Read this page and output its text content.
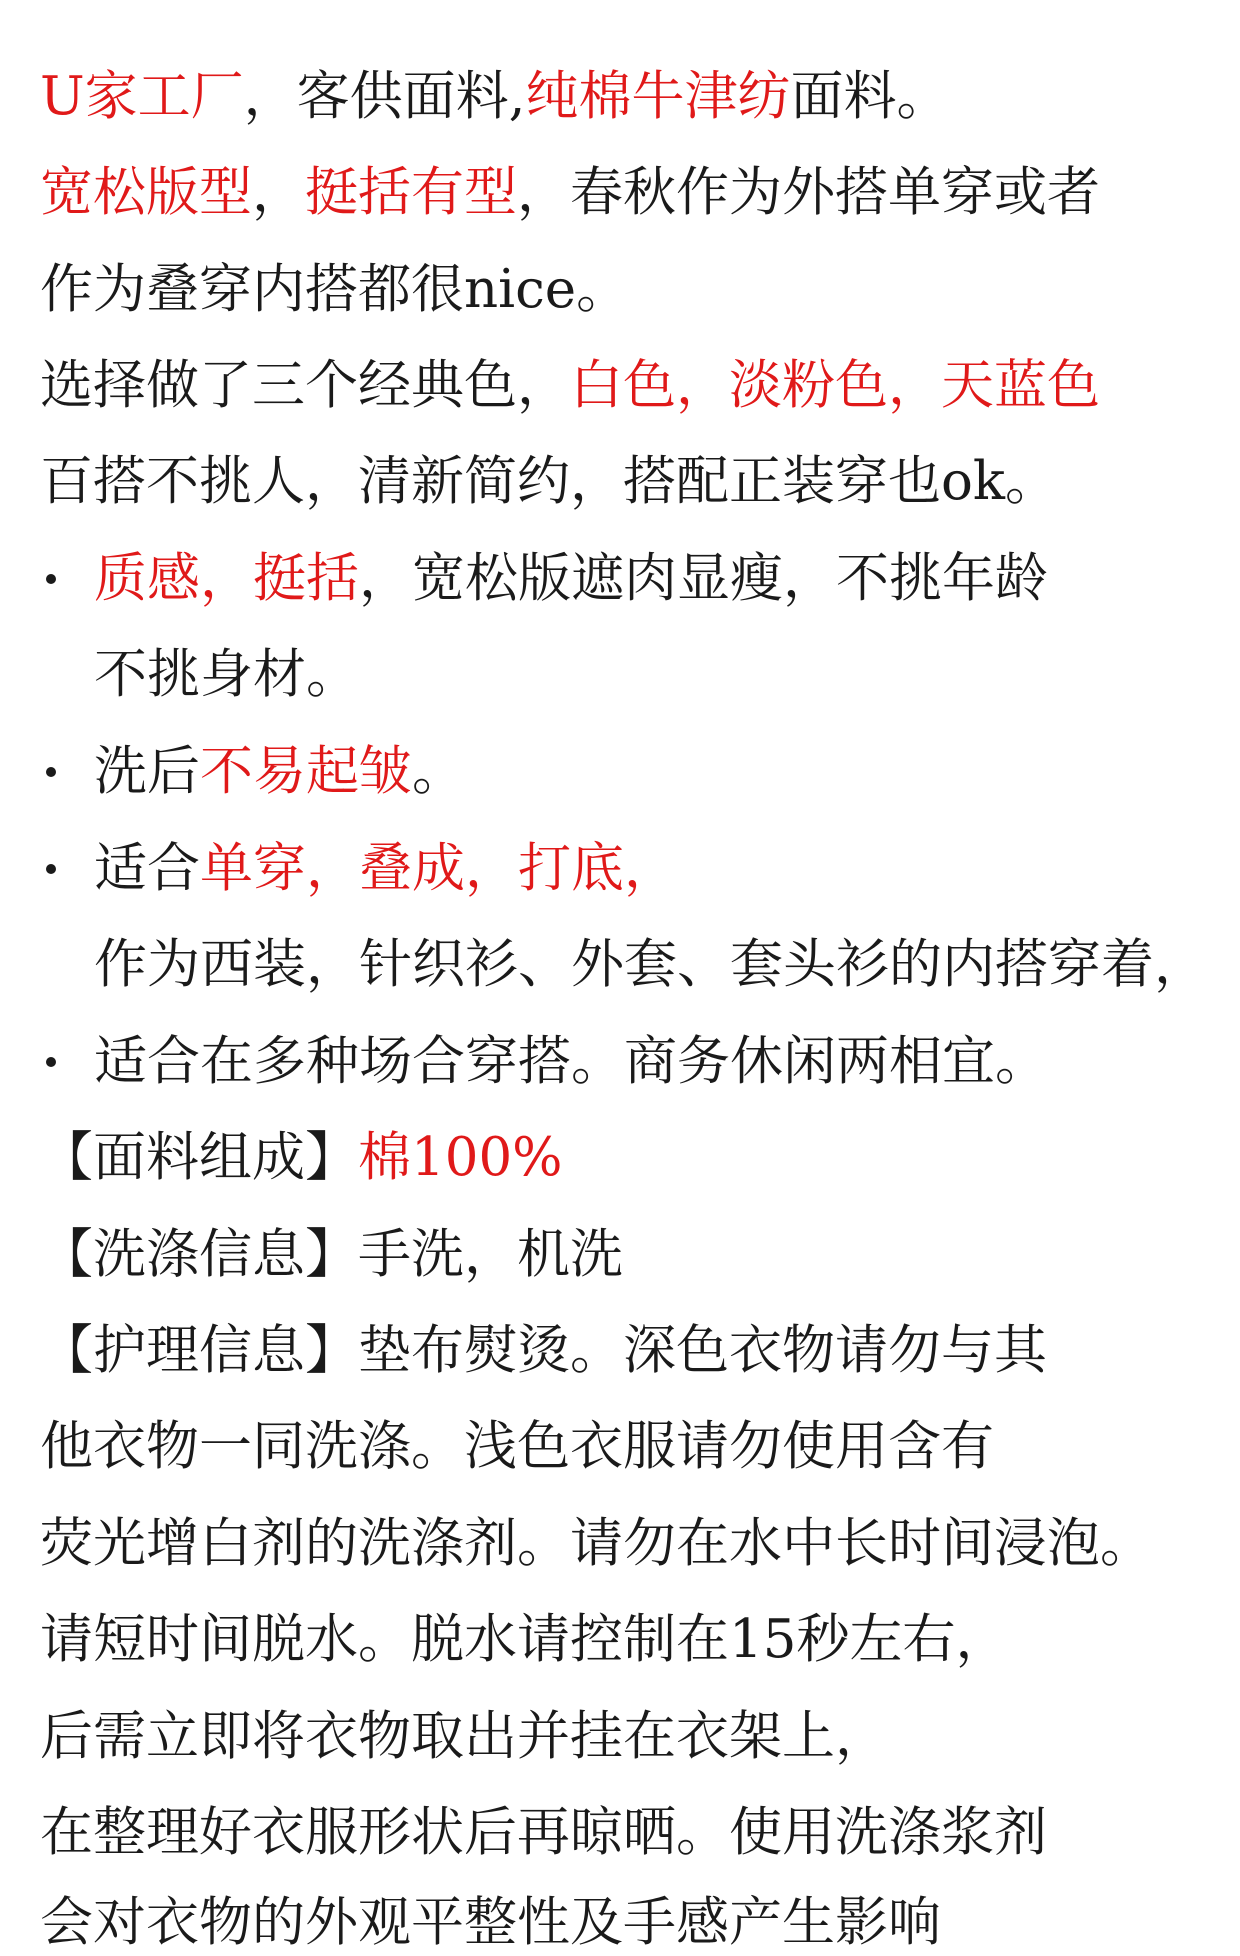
U家工厂，客供面料,纯棉牛津纺面料。
宽松版型，挺括有型，春秋作为外搭单穿或者
作为叠穿内搭都很nice。
选择做了三个经典色，白色，淡粉色，天蓝色
百搭不挑人，清新简约，搭配正装穿也ok。
质感，挺括，宽松版遮肉显瘦，不挑年龄
不挑身材。
洗后不易起皱。
适合单穿，叠成，打底，
作为西装，针织衫、外套、套头衫的内搭穿着，
适合在多种场合穿搭。商务休闲两相宜。
【面料组成】棉100%
【洗涤信息】手洗，机洗
【护理信息】垫布熨烫。深色衣物请勿与其
他衣物一同洗涤。浅色衣服请勿使用含有
荧光增白剂的洗涤剂。请勿在水中长时间浸泡。
请短时间脱水。脱水请控制在15秒左右，
后需立即将衣物取出并挂在衣架上，
在整理好衣服形状后再晾晒。使用洗涤浆剂
会对衣物的外观平整性及手感产生影响
